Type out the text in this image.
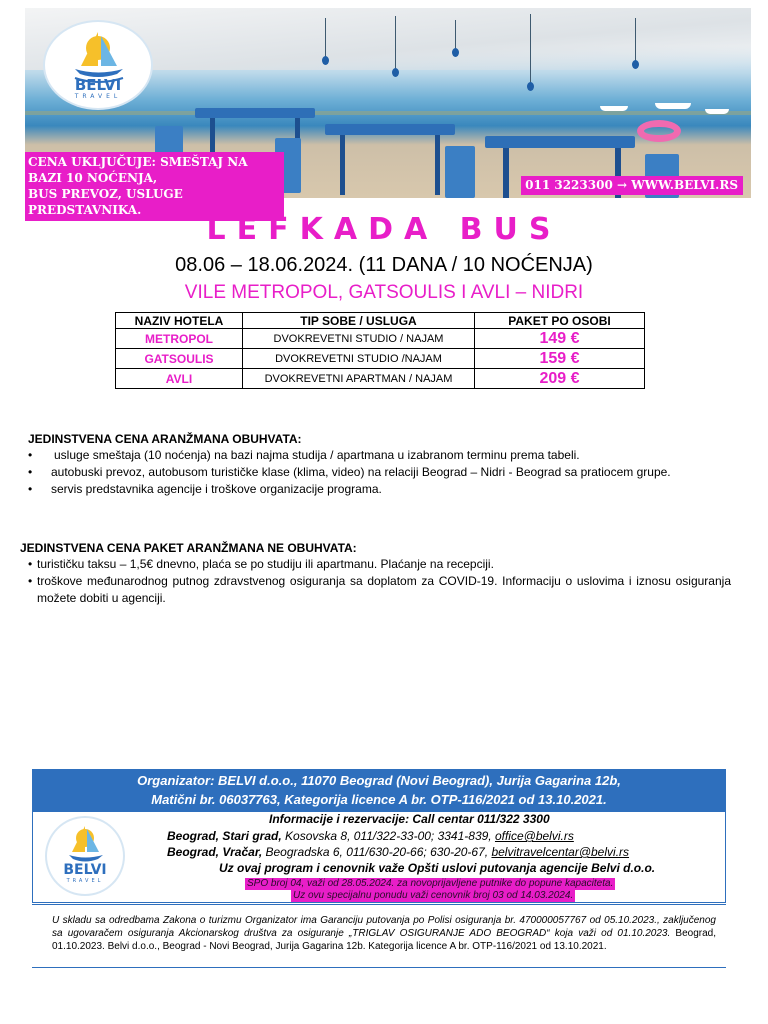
BELVI
TRAVEL
CENA UKLJUČUJE: SMEŠTAJ NA BAZI 10 NOĆENJA,
BUS PREVOZ, USLUGE PREDSTAVNIKA.
011 3223300 → WWW.BELVI.RS
LEFKADA BUS
08.06 – 18.06.2024. (11 DANA / 10 NOĆENJA)
VILE METROPOL, GATSOULIS I AVLI – NIDRI
NAZIV HOTELA	TIP SOBE / USLUGA	PAKET PO OSOBI
METROPOL	DVOKREVETNI STUDIO / NAJAM	149 €
GATSOULIS	DVOKREVETNI STUDIO /NAJAM	159 €
AVLI	DVOKREVETNI APARTMAN / NAJAM	209 €
JEDINSTVENA CENA ARANŽMANA OBUHVATA:
• usluge smeštaja (10 noćenja) na bazi najma studija / apartmana u izabranom terminu prema tabeli.
• autobuski prevoz, autobusom turističke klase (klima, video) na relaciji Beograd – Nidri - Beograd sa pratiocem grupe.
• servis predstavnika agencije i troškove organizacije programa.
JEDINSTVENA CENA PAKET ARANŽMANA NE OBUHVATA:
• turističku taksu – 1,5€ dnevno, plaća se po studiju ili apartmanu. Plaćanje na recepciji.
• troškove međunarodnog putnog zdravstvenog osiguranja sa doplatom za COVID-19. Informaciju o uslovima i iznosu osiguranja možete dobiti u agenciji.
Organizator: BELVI d.o.o., 11070 Beograd (Novi Beograd), Jurija Gagarina 12b,
Matični br. 06037763, Kategorija licence A br. OTP-116/2021 od 13.10.2021.
BELVI
TRAVEL
Informacije i rezervacije: Call centar 011/322 3300
Beograd, Stari grad, Kosovska 8, 011/322-33-00; 3341-839, office@belvi.rs
Beograd, Vračar, Beogradska 6, 011/630-20-66; 630-20-67, belvitravelcentar@belvi.rs
Uz ovaj program i cenovnik važe Opšti uslovi putovanja agencije Belvi d.o.o.
SPO broj 04, važi od 28.05.2024. za novoprijavljene putnike do popune kapaciteta.
Uz ovu specijalnu ponudu važi cenovnik broj 03 od 14.03.2024.
U skladu sa odredbama Zakona o turizmu Organizator ima Garanciju putovanja po Polisi osiguranja br. 470000057767 od 05.10.2023., zaključenog sa ugovaračem osiguranja Akcionarskog društva za osiguranje „TRIGLAV OSIGURANJE ADO BEOGRAD“ koja važi od 01.10.2023. Beograd, 01.10.2023. Belvi d.o.o., Beograd - Novi Beograd, Jurija Gagarina 12b. Kategorija licence A br. OTP-116/2021 od 13.10.2021.
